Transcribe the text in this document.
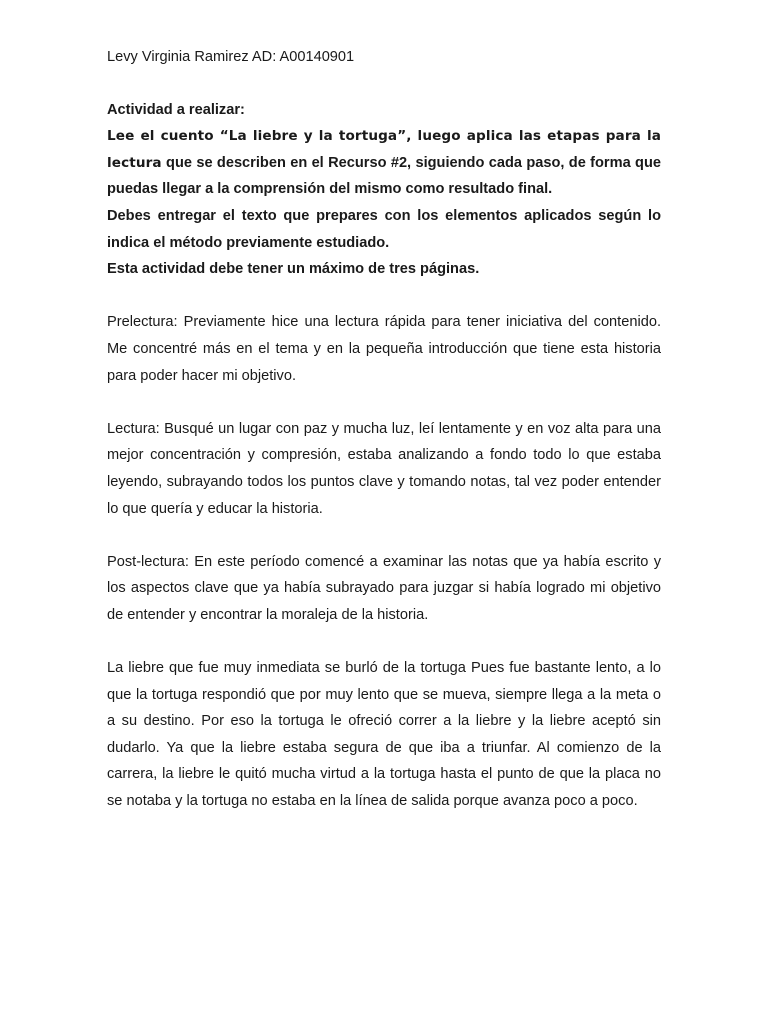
Levy Virginia Ramirez AD: A00140901

Actividad a realizar:

Lee el cuento “La liebre y la tortuga”, luego aplica las etapas para la lectura que se describen en el Recurso #2, siguiendo cada paso, de forma que puedas llegar a la comprensión del mismo como resultado final.

Debes entregar el texto que prepares con los elementos aplicados según lo indica el método previamente estudiado.

Esta actividad debe tener un máximo de tres páginas.

Prelectura: Previamente hice una lectura rápida para tener iniciativa del contenido. Me concentré más en el tema y en la pequeña introducción que tiene esta historia para poder hacer mi objetivo.

Lectura: Busqué un lugar con paz y mucha luz, leí lentamente y en voz alta para una mejor concentración y compresión, estaba analizando a fondo todo lo que estaba leyendo, subrayando todos los puntos clave y tomando notas, tal vez poder entender lo que quería y educar la historia.

Post-lectura: En este período comencé a examinar las notas que ya había escrito y los aspectos clave que ya había subrayado para juzgar si había logrado mi objetivo de entender y encontrar la moraleja de la historia.

La liebre que fue muy inmediata se burló de la tortuga Pues fue bastante lento, a lo que la tortuga respondió que por muy lento que se mueva, siempre llega a la meta o a su destino. Por eso la tortuga le ofreció correr a la liebre y la liebre aceptó sin dudarlo. Ya que la liebre estaba segura de que iba a triunfar. Al comienzo de la carrera, la liebre le quitó mucha virtud a la tortuga hasta el punto de que la placa no se notaba y la tortuga no estaba en la línea de salida porque avanza poco a poco.
